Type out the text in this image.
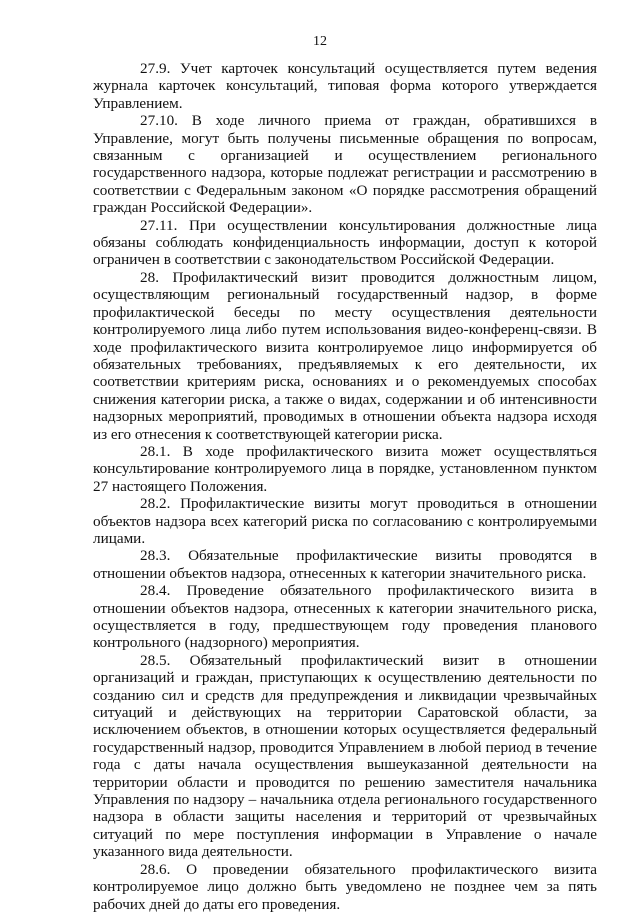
12

27.9. Учет карточек консультаций осуществляется путем ведения журнала карточек консультаций, типовая форма которого утверждается Управлением.

27.10. В ходе личного приема от граждан, обратившихся в Управление, могут быть получены письменные обращения по вопросам, связанным с организацией и осуществлением регионального государственного надзора, которые подлежат регистрации и рассмотрению в соответствии с Федеральным законом «О порядке рассмотрения обращений граждан Российской Федерации».

27.11. При осуществлении консультирования должностные лица обязаны соблюдать конфиденциальность информации, доступ к которой ограничен в соответствии с законодательством Российской Федерации.

28. Профилактический визит проводится должностным лицом, осуществляющим региональный государственный надзор, в форме профилактической беседы по месту осуществления деятельности контролируемого лица либо путем использования видео-конференц-связи. В ходе профилактического визита контролируемое лицо информируется об обязательных требованиях, предъявляемых к его деятельности, их соответствии критериям риска, основаниях и о рекомендуемых способах снижения категории риска, а также о видах, содержании и об интенсивности надзорных мероприятий, проводимых в отношении объекта надзора исходя из его отнесения к соответствующей категории риска.

28.1. В ходе профилактического визита может осуществляться консультирование контролируемого лица в порядке, установленном пунктом 27 настоящего Положения.

28.2. Профилактические визиты могут проводиться в отношении объектов надзора всех категорий риска по согласованию с контролируемыми лицами.

28.3. Обязательные профилактические визиты проводятся в отношении объектов надзора, отнесенных к категории значительного риска.

28.4. Проведение обязательного профилактического визита в отношении объектов надзора, отнесенных к категории значительного риска, осуществляется в году, предшествующем году проведения планового контрольного (надзорного) мероприятия.

28.5. Обязательный профилактический визит в отношении организаций и граждан, приступающих к осуществлению деятельности по созданию сил и средств для предупреждения и ликвидации чрезвычайных ситуаций и действующих на территории Саратовской области, за исключением объектов, в отношении которых осуществляется федеральный государственный надзор, проводится Управлением в любой период в течение года с даты начала осуществления вышеуказанной деятельности на территории области и проводится по решению заместителя начальника Управления по надзору – начальника отдела регионального государственного надзора в области защиты населения и территорий от чрезвычайных ситуаций по мере поступления информации в Управление о начале указанного вида деятельности.

28.6. О проведении обязательного профилактического визита контролируемое лицо должно быть уведомлено не позднее чем за пять рабочих дней до даты его проведения.
